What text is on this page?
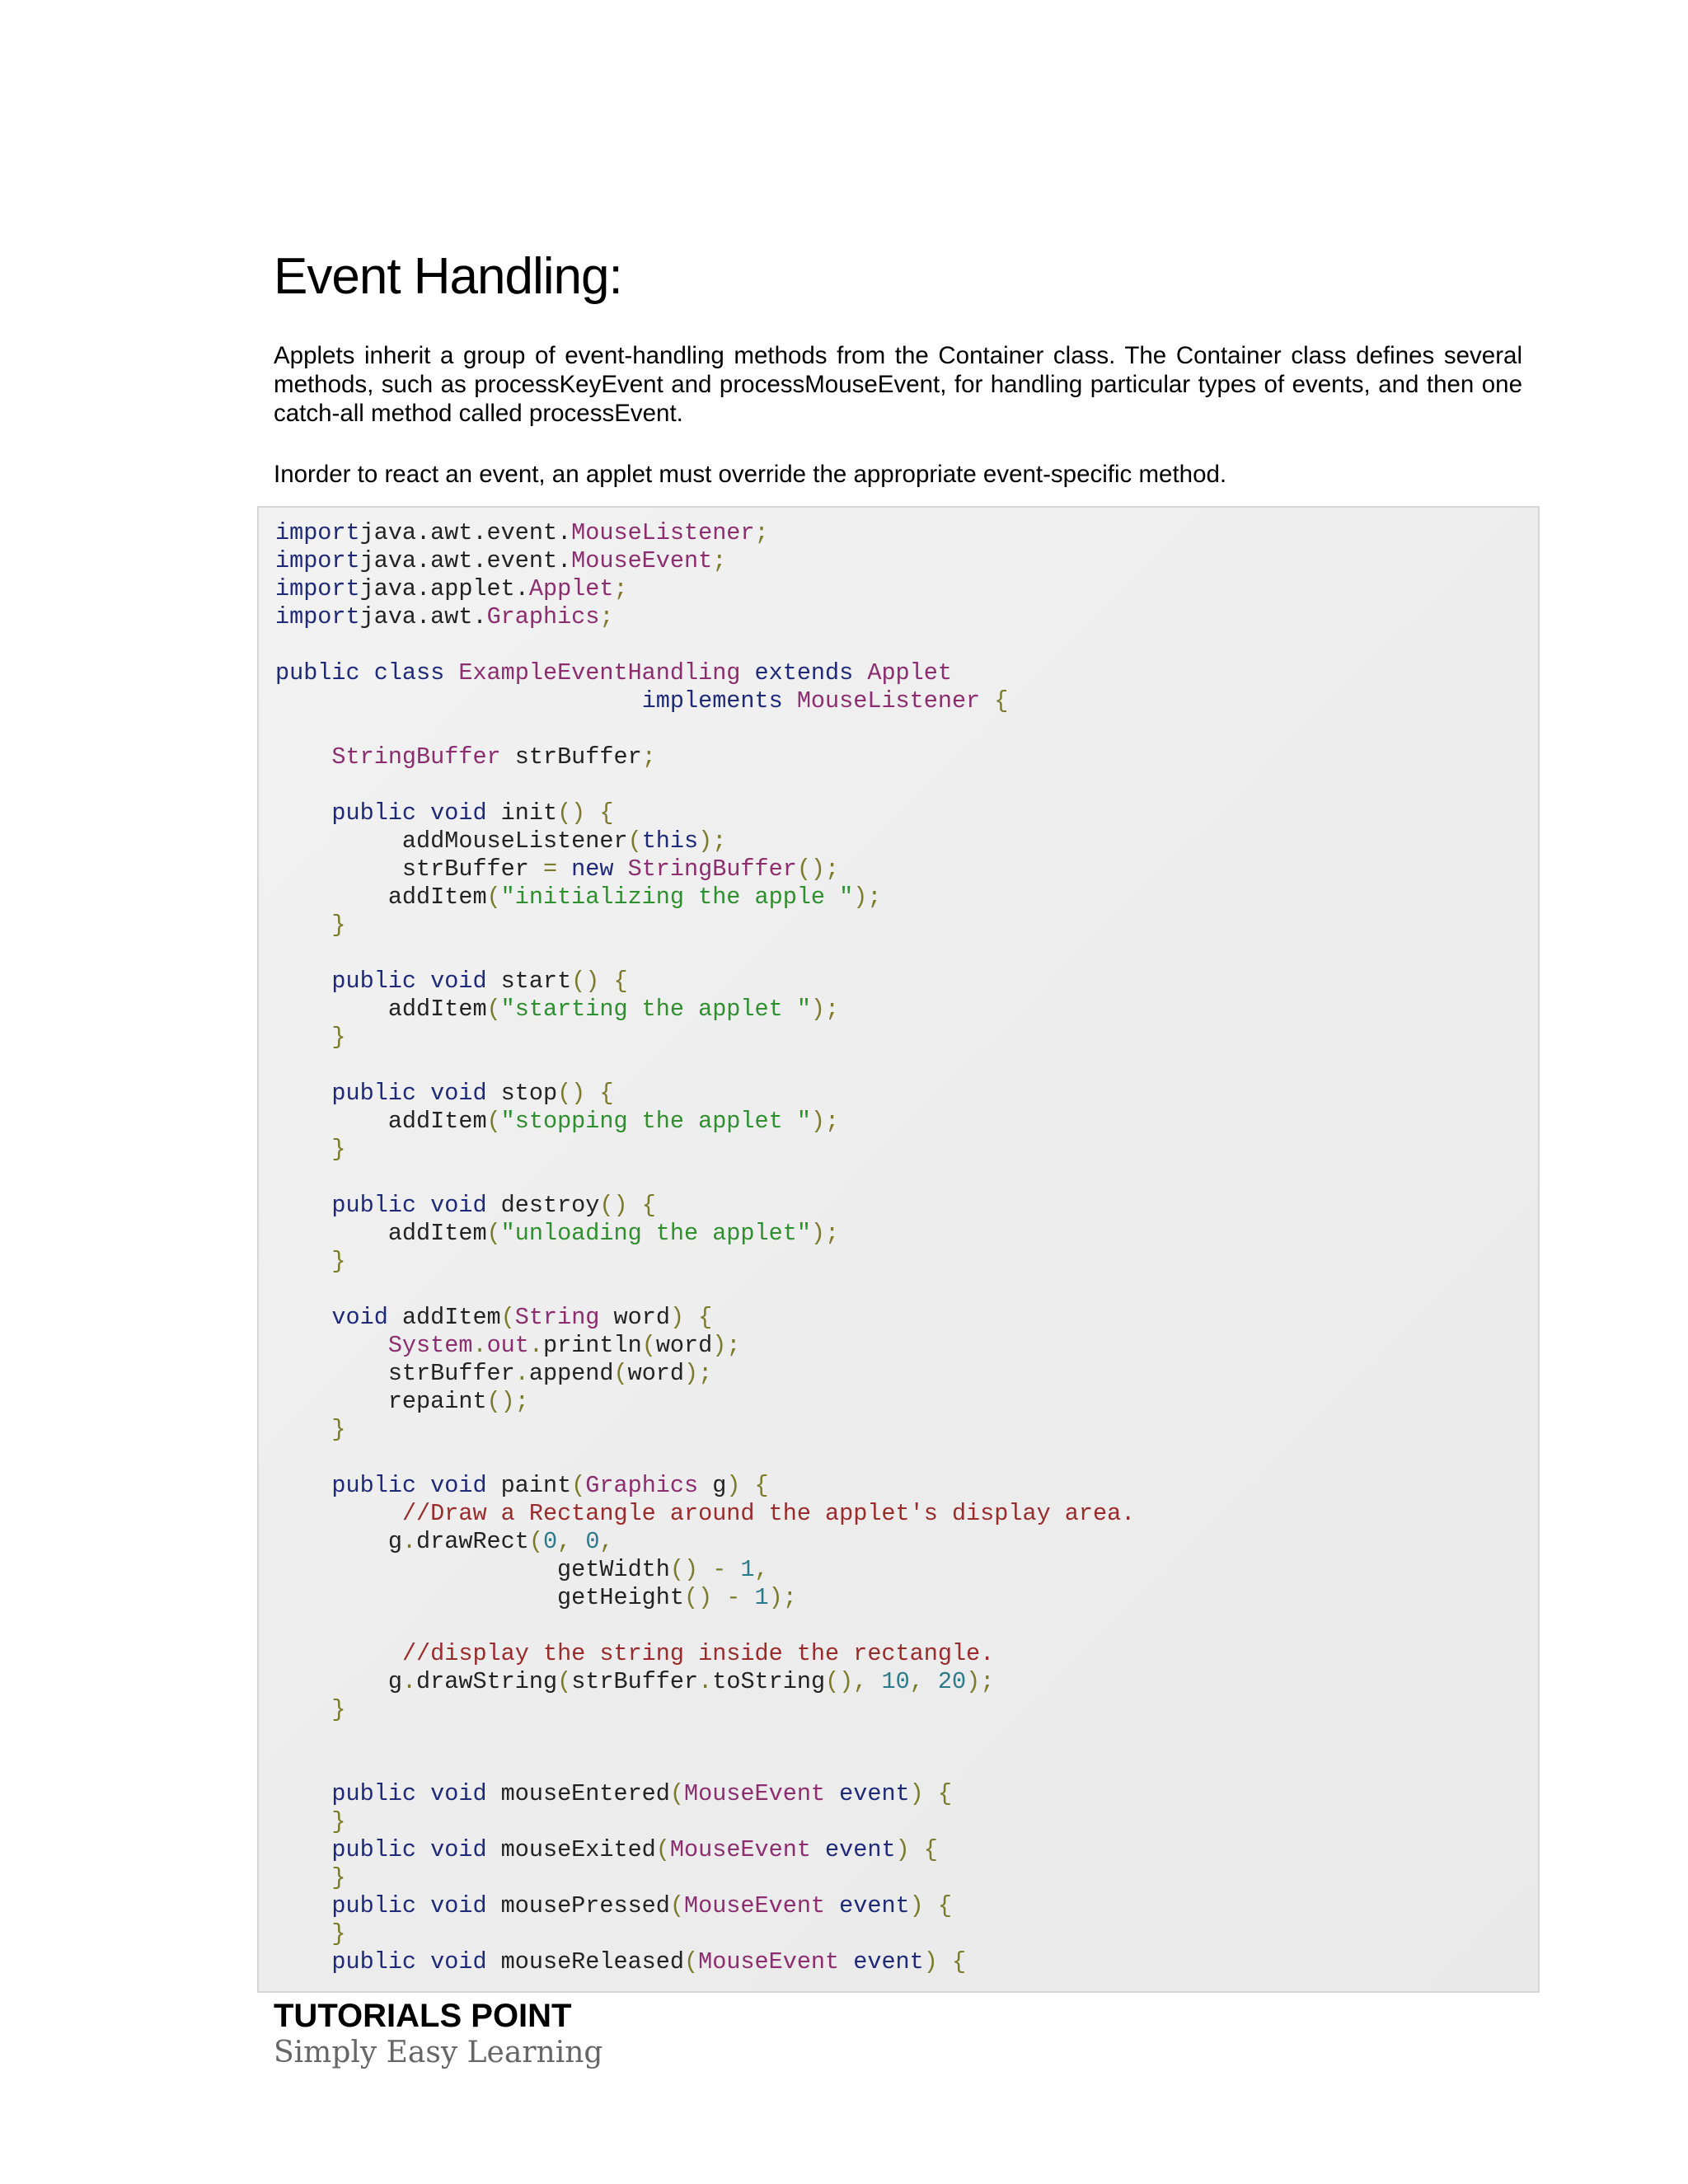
Event Handling:

Applets inherit a group of event-handling methods from the Container class. The Container class defines several methods, such as processKeyEvent and processMouseEvent, for handling particular types of events, and then one catch-all method called processEvent.

Inorder to react an event, an applet must override the appropriate event-specific method.

importjava.awt.event.MouseListener;
importjava.awt.event.MouseEvent;
importjava.applet.Applet;
importjava.awt.Graphics;
public class ExampleEventHandling extends Applet
implements MouseListener {
StringBuffer strBuffer;
public void init() {
addMouseListener(this);
strBuffer = new StringBuffer();
addItem("initializing the apple ");
}
public void start() {
addItem("starting the applet ");
}
public void stop() {
addItem("stopping the applet ");
}
public void destroy() {
addItem("unloading the applet");
}
void addItem(String word) {
System.out.println(word);
strBuffer.append(word);
repaint();
}
public void paint(Graphics g) {
//Draw a Rectangle around the applet's display area.
g.drawRect(0, 0,
getWidth() - 1,
getHeight() - 1);
//display the string inside the rectangle.
g.drawString(strBuffer.toString(), 10, 20);
}
public void mouseEntered(MouseEvent event) {
}
public void mouseExited(MouseEvent event) {
}
public void mousePressed(MouseEvent event) {
}
public void mouseReleased(MouseEvent event) {
TUTORIALS POINT
Simply Easy Learning
